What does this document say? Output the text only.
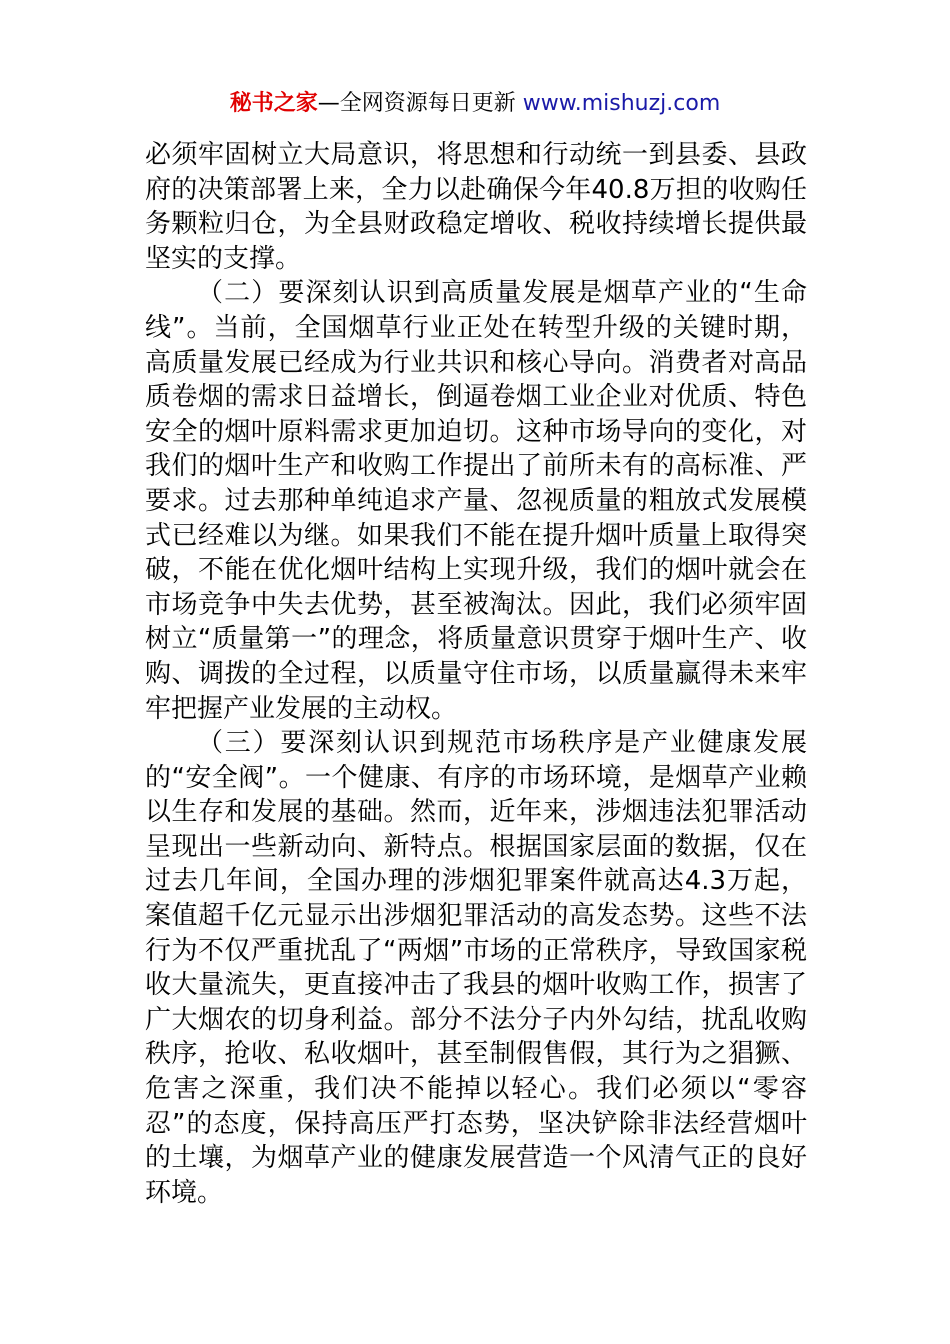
秘书之家—全网资源每日更新 www.mishuzj.com

必须牢固树立大局意识，将思想和行动统一到县委、县政府的决策部署上来，全力以赴确保今年40.8万担的收购任务颗粒归仓，为全县财政稳定增收、税收持续增长提供最坚实的支撑。

（二）要深刻认识到高质量发展是烟草产业的“生命线”。当前，全国烟草行业正处在转型升级的关键时期，高质量发展已经成为行业共识和核心导向。消费者对高品质卷烟的需求日益增长，倒逼卷烟工业企业对优质、特色安全的烟叶原料需求更加迫切。这种市场导向的变化，对我们的烟叶生产和收购工作提出了前所未有的高标准、严要求。过去那种单纯追求产量、忽视质量的粗放式发展模式已经难以为继。如果我们不能在提升烟叶质量上取得突破，不能在优化烟叶结构上实现升级，我们的烟叶就会在市场竞争中失去优势，甚至被淘汰。因此，我们必须牢固树立“质量第一”的理念，将质量意识贯穿于烟叶生产、收购、调拨的全过程，以质量守住市场，以质量赢得未来牢牢把握产业发展的主动权。

（三）要深刻认识到规范市场秩序是产业健康发展的“安全阀”。一个健康、有序的市场环境，是烟草产业赖以生存和发展的基础。然而，近年来，涉烟违法犯罪活动呈现出一些新动向、新特点。根据国家层面的数据，仅在过去几年间，全国办理的涉烟犯罪案件就高达4.3万起，案值超千亿元显示出涉烟犯罪活动的高发态势。这些不法行为不仅严重扰乱了“两烟”市场的正常秩序，导致国家税收大量流失，更直接冲击了我县的烟叶收购工作，损害了广大烟农的切身利益。部分不法分子内外勾结，扰乱收购秩序，抢收、私收烟叶，甚至制假售假，其行为之猖獗、危害之深重，我们决不能掉以轻心。我们必须以“零容忍”的态度，保持高压严打态势，坚决铲除非法经营烟叶的土壤，为烟草产业的健康发展营造一个风清气正的良好环境。
